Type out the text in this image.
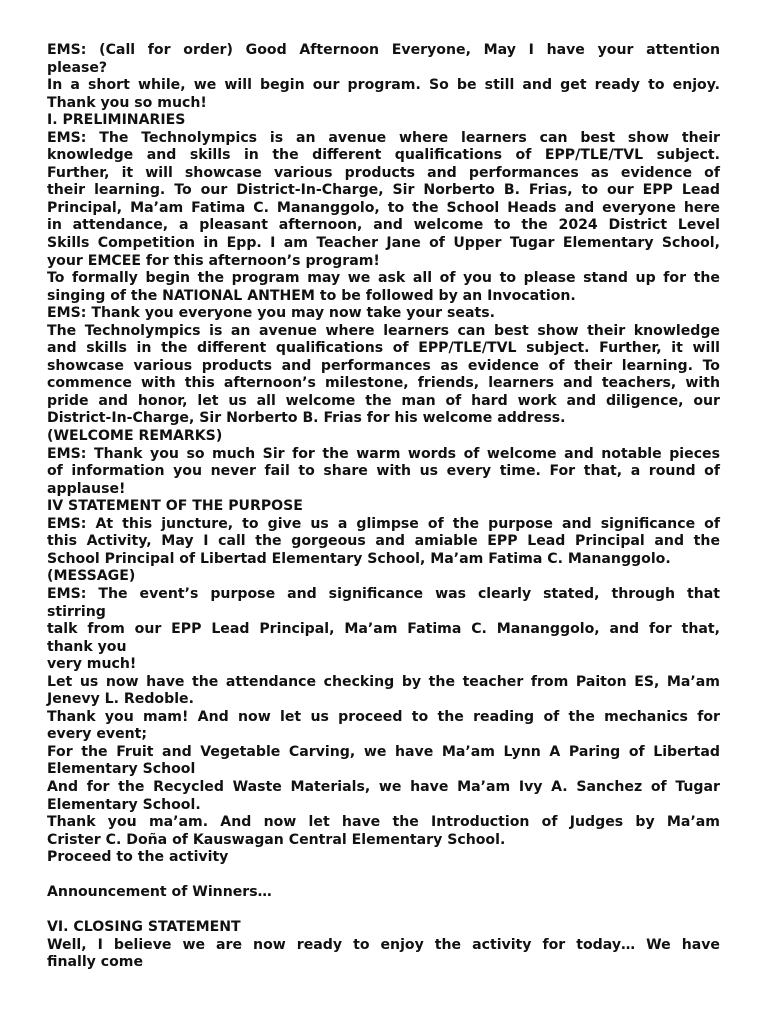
EMS: (Call for order) Good Afternoon Everyone, May I have your attention
please?

In a short while, we will begin our program. So be still and get ready to enjoy.
Thank you so much!

I. PRELIMINARIES

EMS: The Technolympics is an avenue where learners can best show their
knowledge and skills in the different qualifications of EPP/TLE/TVL subject.
Further, it will showcase various products and performances as evidence of
their learning. To our District-In-Charge, Sir Norberto B. Frias, to our EPP Lead
Principal, Ma’am Fatima C. Mananggolo, to the School Heads and everyone here
in attendance, a pleasant afternoon, and welcome to the 2024 District Level
Skills Competition in Epp. I am Teacher Jane of Upper Tugar Elementary School,
your EMCEE for this afternoon’s program!

To formally begin the program may we ask all of you to please stand up for the
singing of the NATIONAL ANTHEM to be followed by an Invocation.

EMS: Thank you everyone you may now take your seats.

The Technolympics is an avenue where learners can best show their knowledge
and skills in the different qualifications of EPP/TLE/TVL subject. Further, it will
showcase various products and performances as evidence of their learning. To
commence with this afternoon’s milestone, friends, learners and teachers, with
pride and honor, let us all welcome the man of hard work and diligence, our
District-In-Charge, Sir Norberto B. Frias for his welcome address.

(WELCOME REMARKS)

EMS: Thank you so much Sir for the warm words of welcome and notable pieces
of information you never fail to share with us every time. For that, a round of
applause!

IV STATEMENT OF THE PURPOSE

EMS: At this juncture, to give us a glimpse of the purpose and significance of
this Activity, May I call the gorgeous and amiable EPP Lead Principal and the
School Principal of Libertad Elementary School, Ma’am Fatima C. Mananggolo.

(MESSAGE)

EMS: The event’s purpose and significance was clearly stated, through that
stirring

talk from our EPP Lead Principal, Ma’am Fatima C. Mananggolo, and for that,
thank you

very much!

Let us now have the attendance checking by the teacher from Paiton ES, Ma’am
Jenevy L. Redoble.

Thank you mam! And now let us proceed to the reading of the mechanics for
every event;

For the Fruit and Vegetable Carving, we have Ma’am Lynn A Paring of Libertad
Elementary School

And for the Recycled Waste Materials, we have Ma’am Ivy A. Sanchez of Tugar
Elementary School.

Thank you ma’am. And now let have the Introduction of Judges by Ma’am
Crister C. Doña of Kauswagan Central Elementary School.

Proceed to the activity

Announcement of Winners…

VI. CLOSING STATEMENT

Well, I believe we are now ready to enjoy the activity for today… We have
finally come
